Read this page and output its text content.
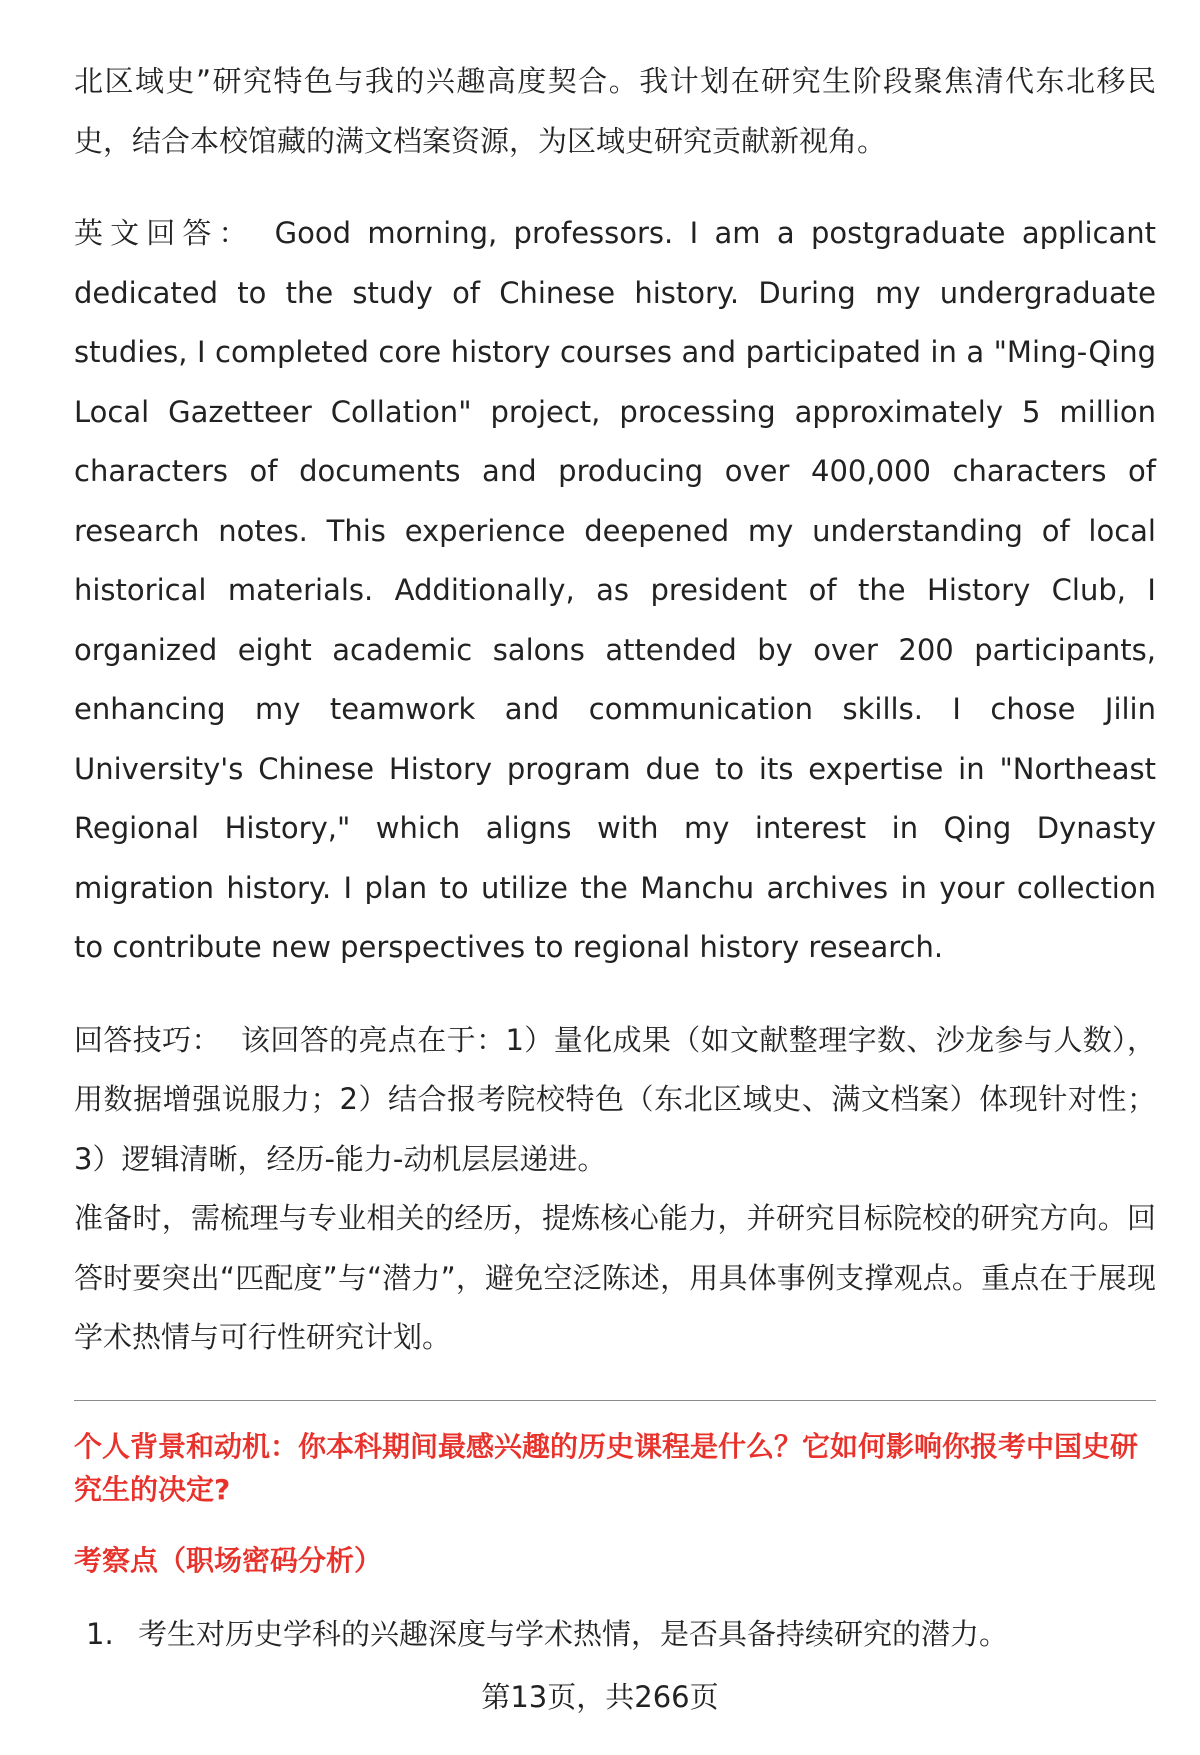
北区域史”研究特色与我的兴趣高度契合。我计划在研究生阶段聚焦清代东北移民史，结合本校馆藏的满文档案资源，为区域史研究贡献新视角。

英文回答： Good morning, professors. I am a postgraduate applicant dedicated to the study of Chinese history. During my undergraduate studies, I completed core history courses and participated in a "Ming-Qing Local Gazetteer Collation" project, processing approximately 5 million characters of documents and producing over 400,000 characters of research notes. This experience deepened my understanding of local historical materials. Additionally, as president of the History Club, I organized eight academic salons attended by over 200 participants, enhancing my teamwork and communication skills. I chose Jilin University's Chinese History program due to its expertise in "Northeast Regional History," which aligns with my interest in Qing Dynasty migration history. I plan to utilize the Manchu archives in your collection to contribute new perspectives to regional history research.

回答技巧： 该回答的亮点在于：1）量化成果（如文献整理字数、沙龙参与人数），用数据增强说服力；2）结合报考院校特色（东北区域史、满文档案）体现针对性；3）逻辑清晰，经历-能力-动机层层递进。

准备时，需梳理与专业相关的经历，提炼核心能力，并研究目标院校的研究方向。回答时要突出“匹配度”与“潜力”，避免空泛陈述，用具体事例支撑观点。重点在于展现学术热情与可行性研究计划。

个人背景和动机：你本科期间最感兴趣的历史课程是什么？它如何影响你报考中国史研究生的决定?

考察点（职场密码分析）

1. 考生对历史学科的兴趣深度与学术热情，是否具备持续研究的潜力。
第13页，共266页
